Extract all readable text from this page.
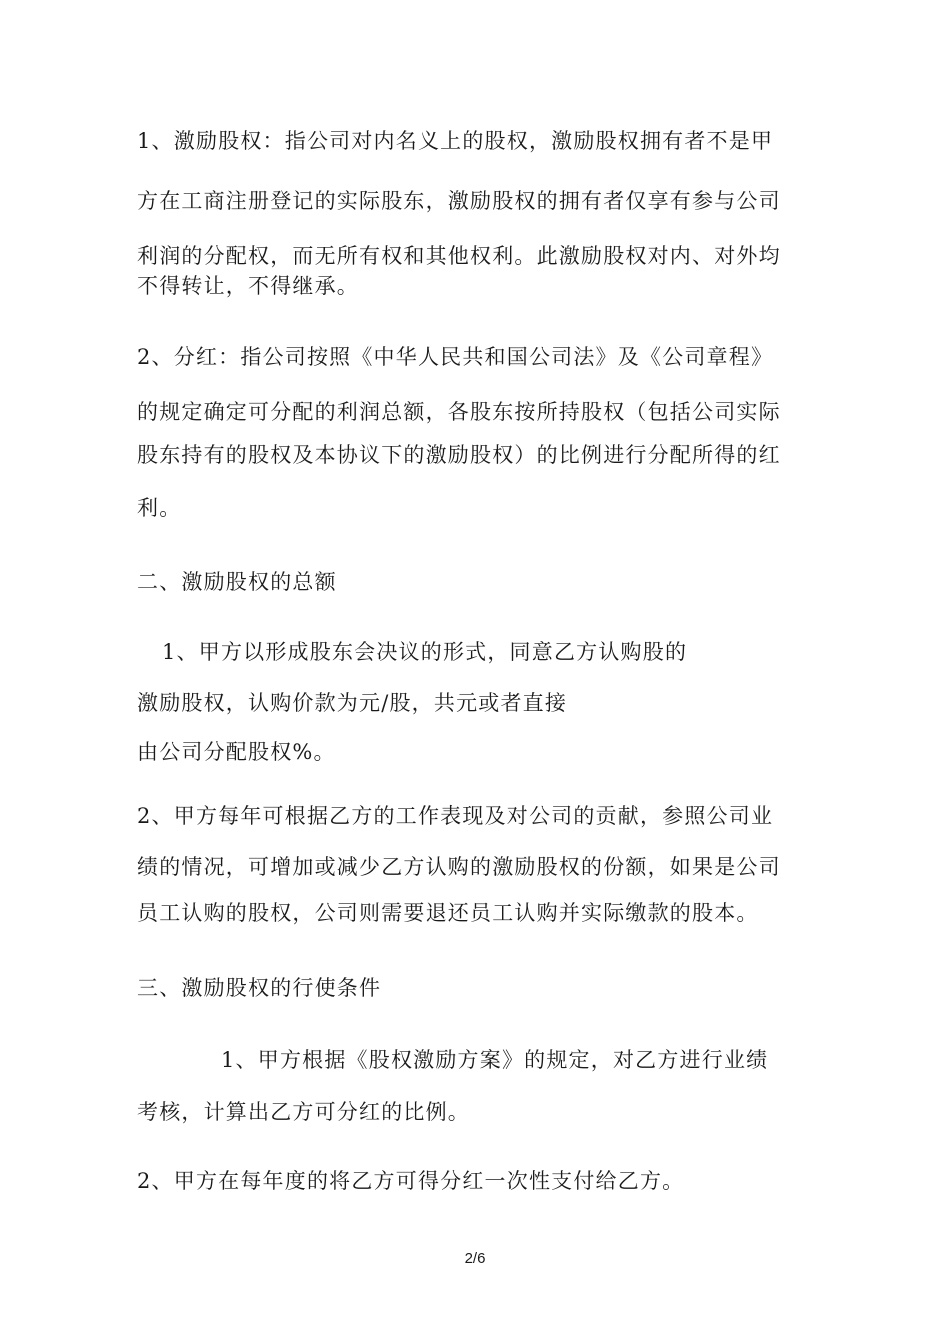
1、激励股权：指公司对内名义上的股权，激励股权拥有者不是甲
方在工商注册登记的实际股东，激励股权的拥有者仅享有参与公司
利润的分配权，而无所有权和其他权利。此激励股权对内、对外均
不得转让，不得继承。
2、分红：指公司按照《中华人民共和国公司法》及《公司章程》
的规定确定可分配的利润总额，各股东按所持股权（包括公司实际
股东持有的股权及本协议下的激励股权）的比例进行分配所得的红
利。
二、激励股权的总额
1、甲方以形成股东会决议的形式，同意乙方认购股的
激励股权，认购价款为元/股，共元或者直接
由公司分配股权%。
2、甲方每年可根据乙方的工作表现及对公司的贡献，参照公司业
绩的情况，可增加或减少乙方认购的激励股权的份额，如果是公司
员工认购的股权，公司则需要退还员工认购并实际缴款的股本。
三、激励股权的行使条件
1、甲方根据《股权激励方案》的规定，对乙方进行业绩
考核，计算出乙方可分红的比例。
2、甲方在每年度的将乙方可得分红一次性支付给乙方。
2/6
